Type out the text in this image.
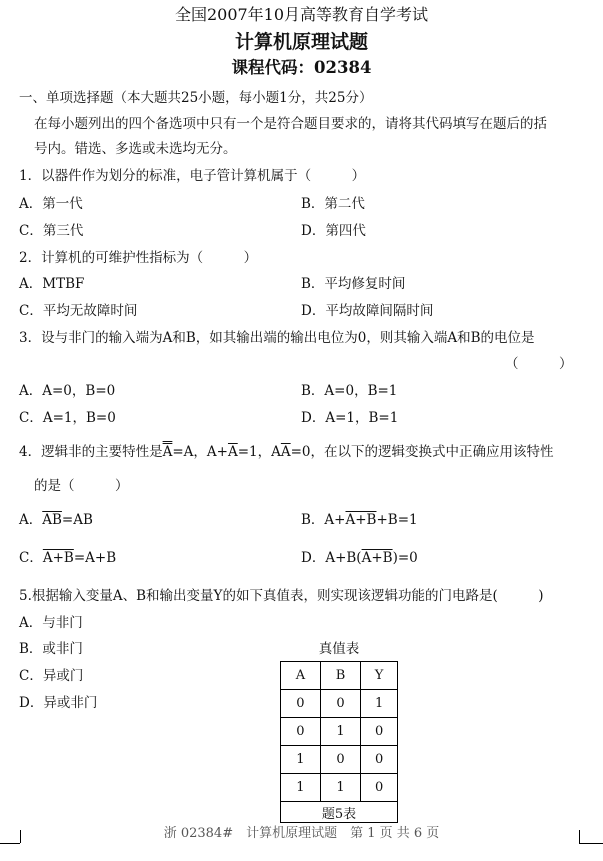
全国2007年10月高等教育自学考试
计算机原理试题
课程代码：02384
一、单项选择题（本大题共25小题，每小题1分，共25分）
在每小题列出的四个备选项中只有一个是符合题目要求的，请将其代码填写在题后的括
号内。错选、多选或未选均无分。
1．以器件作为划分的标准，电子管计算机属于（　　　）
A．第一代	B．第二代
C．第三代	D．第四代
2．计算机的可维护性指标为（　　　）
A．MTBF	B．平均修复时间
C．平均无故障时间	D．平均故障间隔时间
3．设与非门的输入端为A和B，如其输出端的输出电位为0，则其输入端A和B的电位是
（　　　）
A．A=0，B=0	B．A=0，B=1
C．A=1，B=0	D．A=1，B=1
4．逻辑非的主要特性是A=A，$A+\overline{A}=1$，$A\overline{A}=0$，在以下的逻辑变换式中正确应用该特性
的是（　　　）
A．$\overline{AB}=AB$	B．A+A+B+B=1
C．A+B=A+B	D．A+B(A+B)=0
5.根据输入变量A、B和输出变量Y的如下真值表，则实现该逻辑功能的门电路是(　　　)
A．与非门
B．或非门
C．异或门
D．异或非门
真值表
A	B	Y
0	0	1
0	1	0
1	0	0
1	1	0
题5表		
浙 02384#　计算机原理试题　第 1 页 共 6 页
